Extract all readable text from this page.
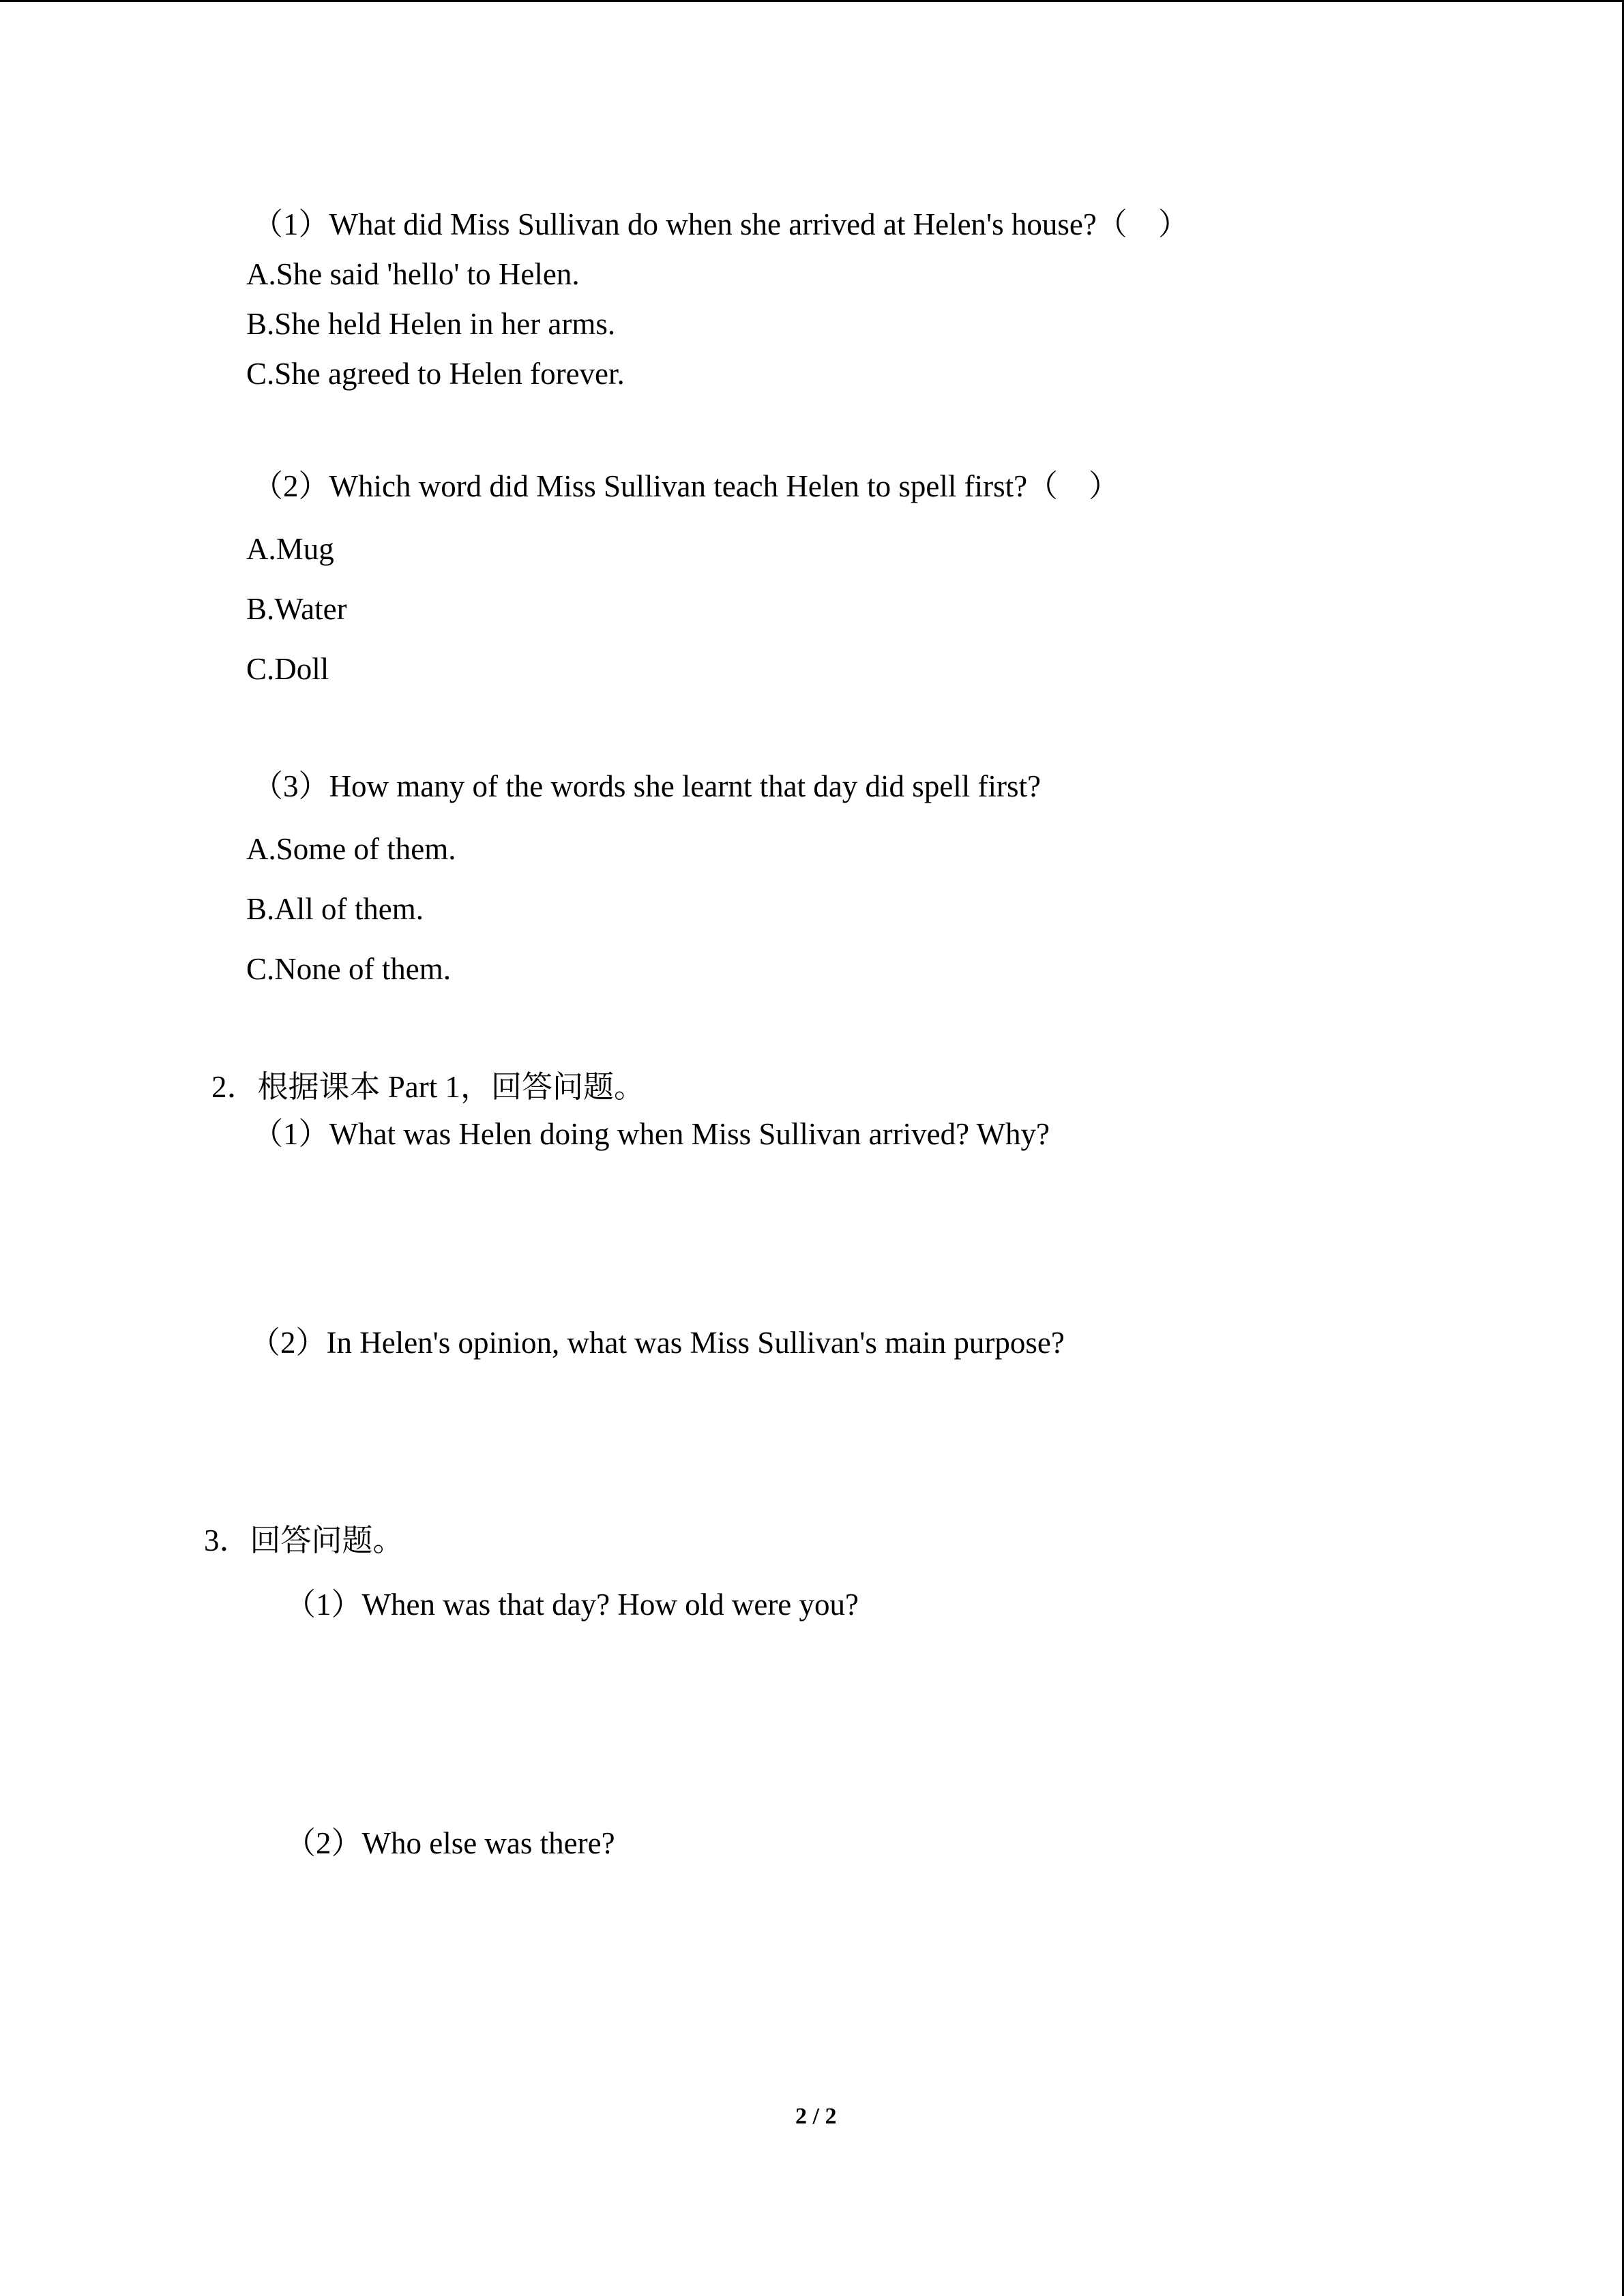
（1）What did Miss Sullivan do when she arrived at Helen's house?（　）
A.She said 'hello' to Helen.
B.She held Helen in her arms.
C.She agreed to Helen forever.
（2）Which word did Miss Sullivan teach Helen to spell first?（　）
A.Mug
B.Water
C.Doll
（3）How many of the words she learnt that day did spell first?
A.Some of them.
B.All of them.
C.None of them.
2．根据课本 Part 1，回答问题。
（1）What was Helen doing when Miss Sullivan arrived? Why?
（2）In Helen's opinion, what was Miss Sullivan's main purpose?
3．回答问题。
（1）When was that day? How old were you?
（2）Who else was there?
2 / 2
